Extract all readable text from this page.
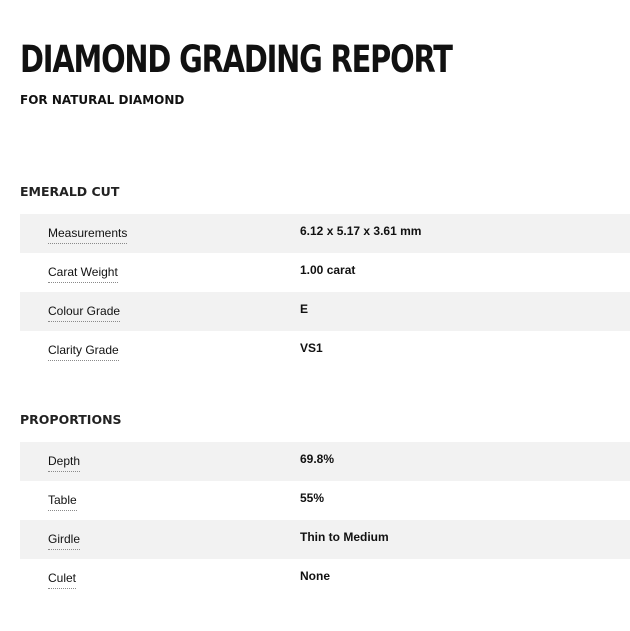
DIAMOND GRADING REPORT
FOR NATURAL DIAMOND
EMERALD CUT
Measurements	6.12 x 5.17 x 3.61 mm
Carat Weight	1.00 carat
Colour Grade	E
Clarity Grade	VS1
PROPORTIONS
Depth	69.8%
Table	55%
Girdle	Thin to Medium
Culet	None
